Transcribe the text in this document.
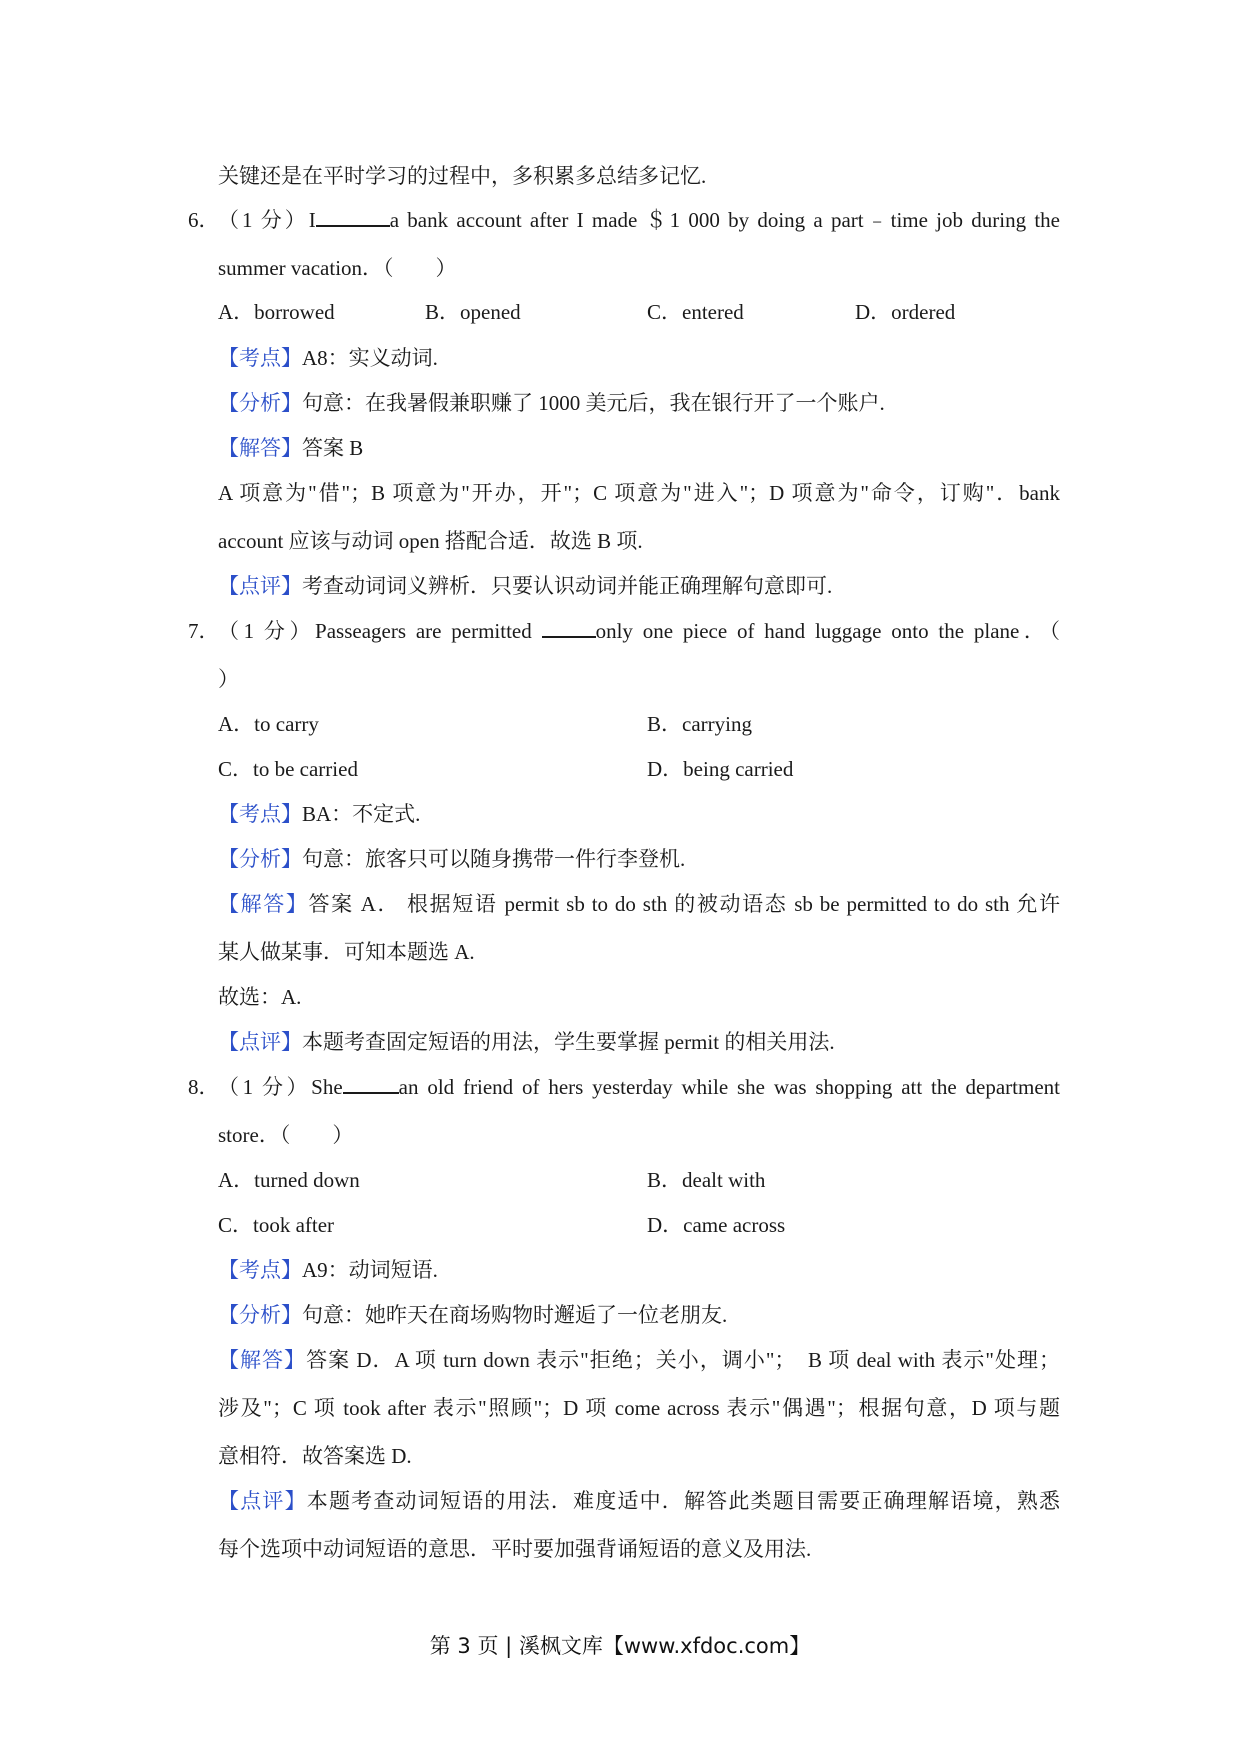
关键还是在平时学习的过程中，多积累多总结多记忆.
6．
（1 分）I	a bank account after I made ＄1 000 by doing a part﹣time job during the
summer vacation．（　　）
A．borrowed	B．opened	C．entered	D．ordered
【考点】A8：实义动词.
【分析】句意：在我暑假兼职赚了 1000 美元后，我在银行开了一个账户.
【解答】答案 B
A 项意为"借"；B 项意为"开办，开"；C 项意为"进入"；D 项意为"命令，订购"．bank
account 应该与动词 open 搭配合适．故选 B 项.
【点评】考查动词词义辨析．只要认识动词并能正确理解句意即可.
7．
（1 分）Passeagers are permitted	only one piece of hand luggage onto the plane．（
）
A．to carry	B．carrying
C．to be carried	D．being carried
【考点】BA：不定式.
【分析】句意：旅客只可以随身携带一件行李登机.
【解答】答案 A． 根据短语 permit sb to do sth 的被动语态 sb be permitted to do sth 允许
某人做某事．可知本题选 A.
故选：A.
【点评】本题考查固定短语的用法，学生要掌握 permit 的相关用法.
8．
（1 分）She	an old friend of hers yesterday while she was shopping att the department
store．（　　）
A．turned down	B．dealt with
C．took after	D．came across
【考点】A9：动词短语.
【分析】句意：她昨天在商场购物时邂逅了一位老朋友.
【解答】答案 D．A 项 turn down 表示"拒绝；关小，调小"；　B 项 deal with 表示"处理；
涉及"；C 项 took after 表示"照顾"；D 项 come across 表示"偶遇"；根据句意，D 项与题
意相符．故答案选 D.
【点评】本题考查动词短语的用法．难度适中．解答此类题目需要正确理解语境，熟悉
每个选项中动词短语的意思．平时要加强背诵短语的意义及用法.
第 3 页 | 溪枫文库【www.xfdoc.com】
